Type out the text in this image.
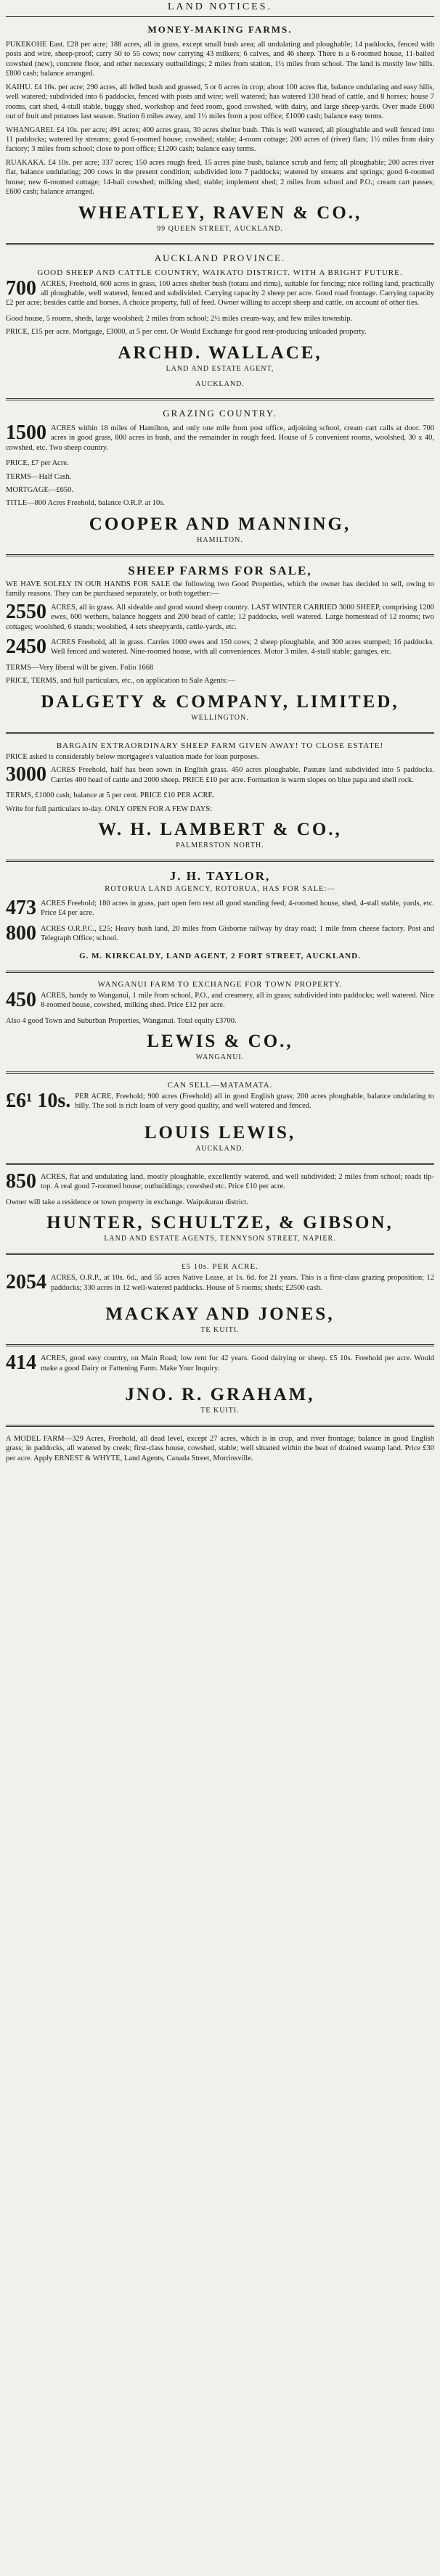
LAND NOTICES.
MONEY-MAKING FARMS.

PUKEKOHE East. £28 per acre; 188 acres, all in grass, except small bush area; all undulating and ploughable; 14 paddocks, fenced with posts and wire, sheep-proof; carry 50 to 55 cows; now carrying 43 milkers; 6 calves, and 46 sheep. There is a 6-roomed house, 11-bailed cowshed (new), concrete floor, and other necessary outbuildings; 2 miles from station, 1½ miles from school. The land is mostly low hills. £800 cash; balance arranged.

KAIHU. £4 10s. per acre; 290 acres, all felled bush and grassed, 5 or 6 acres in crop; about 100 acres flat, balance undulating and easy hills, well watered; subdivided into 6 paddocks, fenced with posts and wire; well watered; has watered 130 head of cattle, and 8 horses; house 7 rooms, cart shed, 4-stall stable, buggy shed, workshop and feed room, good cowshed, with dairy, and large sheep-yards. Over made £600 out of fruit and potatoes last season. Station 6 miles away, and 1½ miles from a post office; £1000 cash; balance easy terms.

WHANGAREI. £4 10s. per acre; 491 acres; 400 acres grass, 30 acres shelter bush. This is well watered, all ploughable and well fenced into 11 paddocks; watered by streams; good 6-roomed house; cowshed; stable; 4-room cottage; 200 acres of (river) flats; 1½ miles from dairy factory; 3 miles from school; close to post office; £1200 cash; balance easy terms.

RUAKAKA. £4 10s. per acre; 337 acres; 150 acres rough feed, 15 acres pine bush, balance scrub and fern; all ploughable; 200 acres river flat, balance undulating; 200 cows in the present condition; subdivided into 7 paddocks; watered by streams and springs; good 6-roomed house; new 6-roomed cottage; 14-bail cowshed; milking shed; stable; implement shed; 2 miles from school and P.O.; cream cart passes; £600 cash; balance arranged.

WHEATLEY, RAVEN & CO.,
99 QUEEN STREET, AUCKLAND.
AUCKLAND PROVINCE.
GOOD SHEEP AND CATTLE COUNTRY, WAIKATO DISTRICT. WITH A BRIGHT FUTURE.
700 ACRES, Freehold, 600 acres in grass, 100 acres shelter bush (totara and rimu), suitable for fencing; nice rolling land, practically all ploughable, well watered, fenced and subdivided. Carrying capacity 2 sheep per acre. Good road frontage. Carrying capacity £2 per acre; besides cattle and horses. A choice property, full of feed. Owner willing to accept sheep and cattle, on account of other ties.

Good house, 5 rooms, sheds, large woolshed; 2 miles from school; 2½ miles cream-way, and few miles township.

PRICE, £15 per acre. Mortgage, £3000, at 5 per cent. Or Would Exchange for good rent-producing unloaded property.

ARCHD. WALLACE,
LAND AND ESTATE AGENT,
AUCKLAND.
GRAZING COUNTRY.
1500 ACRES within 18 miles of Hamilton, and only one mile from post office, adjoining school, cream cart calls at door. 700 acres in good grass, 800 acres in bush, and the remainder in rough feed. House of 5 convenient rooms, woolshed, 30 x 40, cowshed, etc. Two sheep country.

PRICE, £7 per Acre.

TERMS—Half Cash.

MORTGAGE—£650.

TITLE—800 Acres Freehold, balance O.R.P. at 10s.

COOPER AND MANNING,
HAMILTON.
SHEEP FARMS FOR SALE,

WE HAVE SOLELY IN OUR HANDS FOR SALE the following two Good Properties, which the owner has decided to sell, owing to family reasons. They can be purchased separately, or both together:—

2550 ACRES, all in grass. All sideable and good sound sheep country. LAST WINTER CARRIED 3000 SHEEP, comprising 1200 ewes, 600 wethers, balance hoggets and 200 head of cattle; 12 paddocks, well watered. Large homestead of 12 rooms; two cottages; woolshed, 6 stands; woolshed, 4 sets sheepyards, cattle-yards, etc.

2450 ACRES Freehold, all in grass. Carries 1000 ewes and 150 cows; 2 sheep ploughable, and 300 acres stumped; 16 paddocks. Well fenced and watered. Nine-roomed house, with all conveniences. Motor 3 miles. 4-stall stable; garages, etc.

TERMS—Very liberal will be given. Folio 1668

PRICE, TERMS, and full particulars, etc., on application to Sale Agents:—

DALGETY & COMPANY, LIMITED,
WELLINGTON.
BARGAIN EXTRAORDINARY SHEEP FARM GIVEN AWAY! TO CLOSE ESTATE!

PRICE asked is considerably below mortgagee's valuation made for loan purposes.

3000 ACRES Freehold, half has been sown in English grass. 450 acres ploughable. Pasture land subdivided into 5 paddocks. Carries 400 head of cattle and 2000 sheep. PRICE £10 per acre. Formation is warm slopes on blue papa and shell rock.

TERMS, £1000 cash; balance at 5 per cent. PRICE £10 PER ACRE.

Write for full particulars to-day. ONLY OPEN FOR A FEW DAYS:

W. H. LAMBERT & CO.,
PALMERSTON NORTH.
J. H. TAYLOR,
ROTORUA LAND AGENCY, ROTORUA, HAS FOR SALE:—
473 ACRES Freehold; 180 acres in grass, part open fern rest all good standing feed; 4-roomed house, shed, 4-stall stable, yards, etc. Price £4 per acre.

800 ACRES O.R.P.C., £25; Heavy bush land, 20 miles from Gisborne railway by dray road; 1 mile from cheese factory. Post and Telegraph Office; school.

G. M. KIRKCALDY, LAND AGENT, 2 FORT STREET, AUCKLAND.
WANGANUI FARM TO EXCHANGE FOR TOWN PROPERTY.
450 ACRES, handy to Wanganui, 1 mile from school, P.O., and creamery, all in grass; subdivided into paddocks; well watered. Nice 8-roomed house, cowshed, milking shed. Price £12 per acre.

Also 4 good Town and Suburban Properties, Wanganui. Total equity £3700.

LEWIS & CO.,
WANGANUI.
CAN SELL—MATAMATA.
£6¹ 10s. PER ACRE, Freehold; 900 acres (Freehold) all in good English grass; 200 acres ploughable, balance undulating to hilly. The soil is rich loam of very good quality, and well watered and fenced.

LOUIS LEWIS,
AUCKLAND.
850 ACRES, flat and undulating land, mostly ploughable, excellently watered, and well subdivided; 2 miles from school; roads tip-top. A real good 7-roomed house; outbuildings; cowshed etc. Price £10 per acre.

Owner will take a residence or town property in exchange. Waipukurau district.

HUNTER, SCHULTZE, & GIBSON,
LAND AND ESTATE AGENTS, TENNYSON STREET, NAPIER.
£5 10s. PER ACRE.
2054 ACRES, O.R.P., at 10s. 6d., and 55 acres Native Lease, at 1s. 6d. for 21 years. This is a first-class grazing proposition; 12 paddocks; 330 acres in 12 well-watered paddocks. House of 5 rooms; sheds; £2500 cash.

MACKAY AND JONES,
TE KUITI.
414 ACRES, good easy country, on Main Road; low rent for 42 years. Good dairying or sheep. £5 10s. Freehold per acre. Would make a good Dairy or Fattening Farm. Make Your Inquiry.

JNO. R. GRAHAM,
TE KUITI.

A MODEL FARM—329 Acres, Freehold, all dead level, except 27 acres, which is in crop, and river frontage; balance in good English grass; in paddocks, all watered by creek; first-class house, cowshed, stable; well situated within the beat of drained swamp land. Price £30 per acre. Apply ERNEST & WHYTE, Land Agents, Canada Street, Morrinsville.
